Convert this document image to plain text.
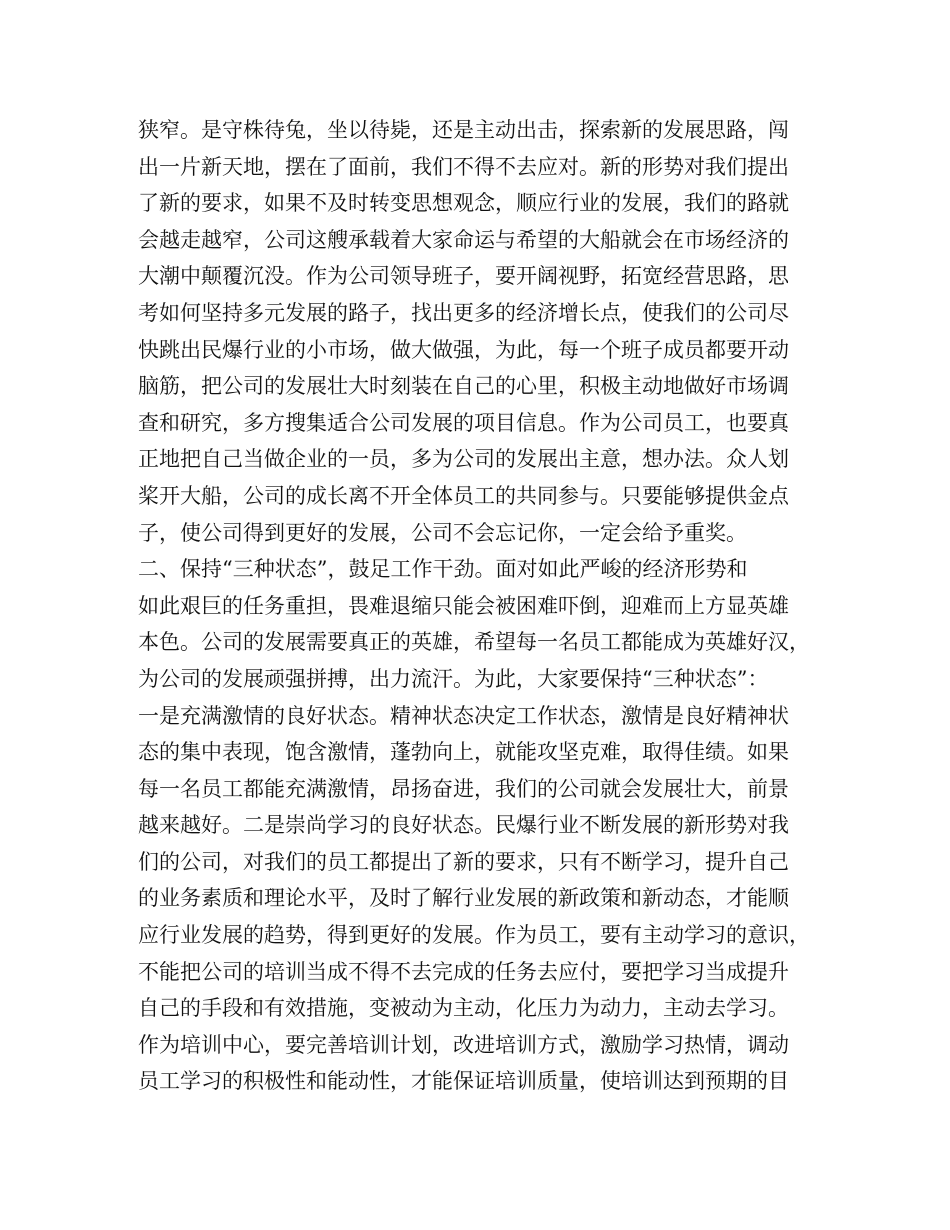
狭窄。是守株待兔，坐以待毙，还是主动出击，探索新的发展思路，闯
出一片新天地，摆在了面前，我们不得不去应对。新的形势对我们提出
了新的要求，如果不及时转变思想观念，顺应行业的发展，我们的路就
会越走越窄，公司这艘承载着大家命运与希望的大船就会在市场经济的
大潮中颠覆沉没。作为公司领导班子，要开阔视野，拓宽经营思路，思
考如何坚持多元发展的路子，找出更多的经济增长点，使我们的公司尽
快跳出民爆行业的小市场，做大做强，为此，每一个班子成员都要开动
脑筋，把公司的发展壮大时刻装在自己的心里，积极主动地做好市场调
查和研究，多方搜集适合公司发展的项目信息。作为公司员工，也要真
正地把自己当做企业的一员，多为公司的发展出主意，想办法。众人划
桨开大船，公司的成长离不开全体员工的共同参与。只要能够提供金点
子，使公司得到更好的发展，公司不会忘记你，一定会给予重奖。
二、保持“三种状态”，鼓足工作干劲。面对如此严峻的经济形势和
如此艰巨的任务重担，畏难退缩只能会被困难吓倒，迎难而上方显英雄
本色。公司的发展需要真正的英雄，希望每一名员工都能成为英雄好汉，
为公司的发展顽强拼搏，出力流汗。为此，大家要保持“三种状态”：
一是充满激情的良好状态。精神状态决定工作状态，激情是良好精神状
态的集中表现，饱含激情，蓬勃向上，就能攻坚克难，取得佳绩。如果
每一名员工都能充满激情，昂扬奋进，我们的公司就会发展壮大，前景
越来越好。二是崇尚学习的良好状态。民爆行业不断发展的新形势对我
们的公司，对我们的员工都提出了新的要求，只有不断学习，提升自己
的业务素质和理论水平，及时了解行业发展的新政策和新动态，才能顺
应行业发展的趋势，得到更好的发展。作为员工，要有主动学习的意识，
不能把公司的培训当成不得不去完成的任务去应付，要把学习当成提升
自己的手段和有效措施，变被动为主动，化压力为动力，主动去学习。
作为培训中心，要完善培训计划，改进培训方式，激励学习热情，调动
员工学习的积极性和能动性，才能保证培训质量，使培训达到预期的目
